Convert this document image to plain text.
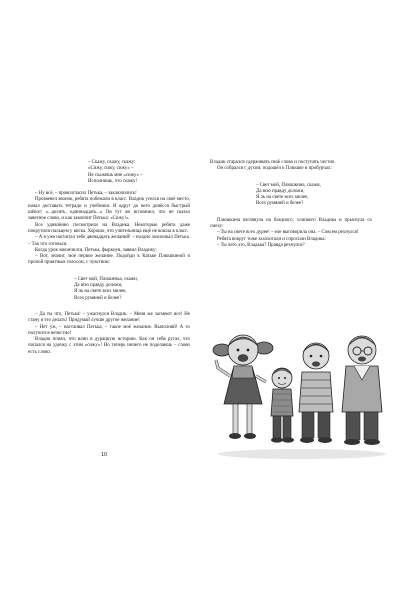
– Скажу, скажу, скажу:
«Сижу, сижу, сижу» –
Не скажешь мне «сижу» –
Исполнишь, что скажу!

– Ну всё, – провозгласил Петька, – заключились!

Прозвенел звонок, ребята побежали в класс. Владик уселся на своё место, начал доставать тетради и учебники. И вдруг до него донёсся быстрый шёпот: «...десять, одиннадцать...» Он тут же вспомнил, что не сказал заветное слово, и как закончит Петька: «Сижу!».

Все удивлённо посмотрели на Владика. Некоторые ребята даже покрутили пальцем у виска. Хорошо, что учительница ещё не вошла в класс.

– А я уже насчитал тебе двенадцать желаний! – ехидно захихикал Петька. – Так что готовься.

Когда урок закончился, Петька, фыркнув, заявил Владику:

– Вот, значит, моё первое желание. Подойди к Катьке Плюшкиной и пропой приятным голосом, с чувством:

– Свет мой, Плюшечка, скажи,
Да всю правду доложи,
Я ль на свете всех милее,
Всех румяней и белее?

– Да ты что, Петька! – ужаснулся Владик. – Меня же засмеют все! Не стану я это делать! Придумай лучше другое желание!

– Нет уж, – настаивал Петька, – такое моё желание. Выполняй! А то получится нечестно!

Владик понял, что влип в дурацкую историю. Как он себя ругал, что попался на удочку с этим «сижу»! Но теперь ничего не поделаешь – слово есть слово.

10

Владик старался сдерживать своё слово и поступать честно.

Он собрался с духом, подошёл к Плюшке и пробурчал:

– Свет мой, Плюшкина, скажи,
Да всю правду доложи,
Я ль на свете всех милее,
Всех румяней и белее?

Плюшкина взглянула на бледного, хлипкого Владика и прыснула со смеху:

– Ты на свете всех дурее! – еле выговорила она. – Совсем рехнулся!

Ребята вокруг тоже захохотали и спросили Владика:

– Ты чего это, Владька? Правда рехнулся?
